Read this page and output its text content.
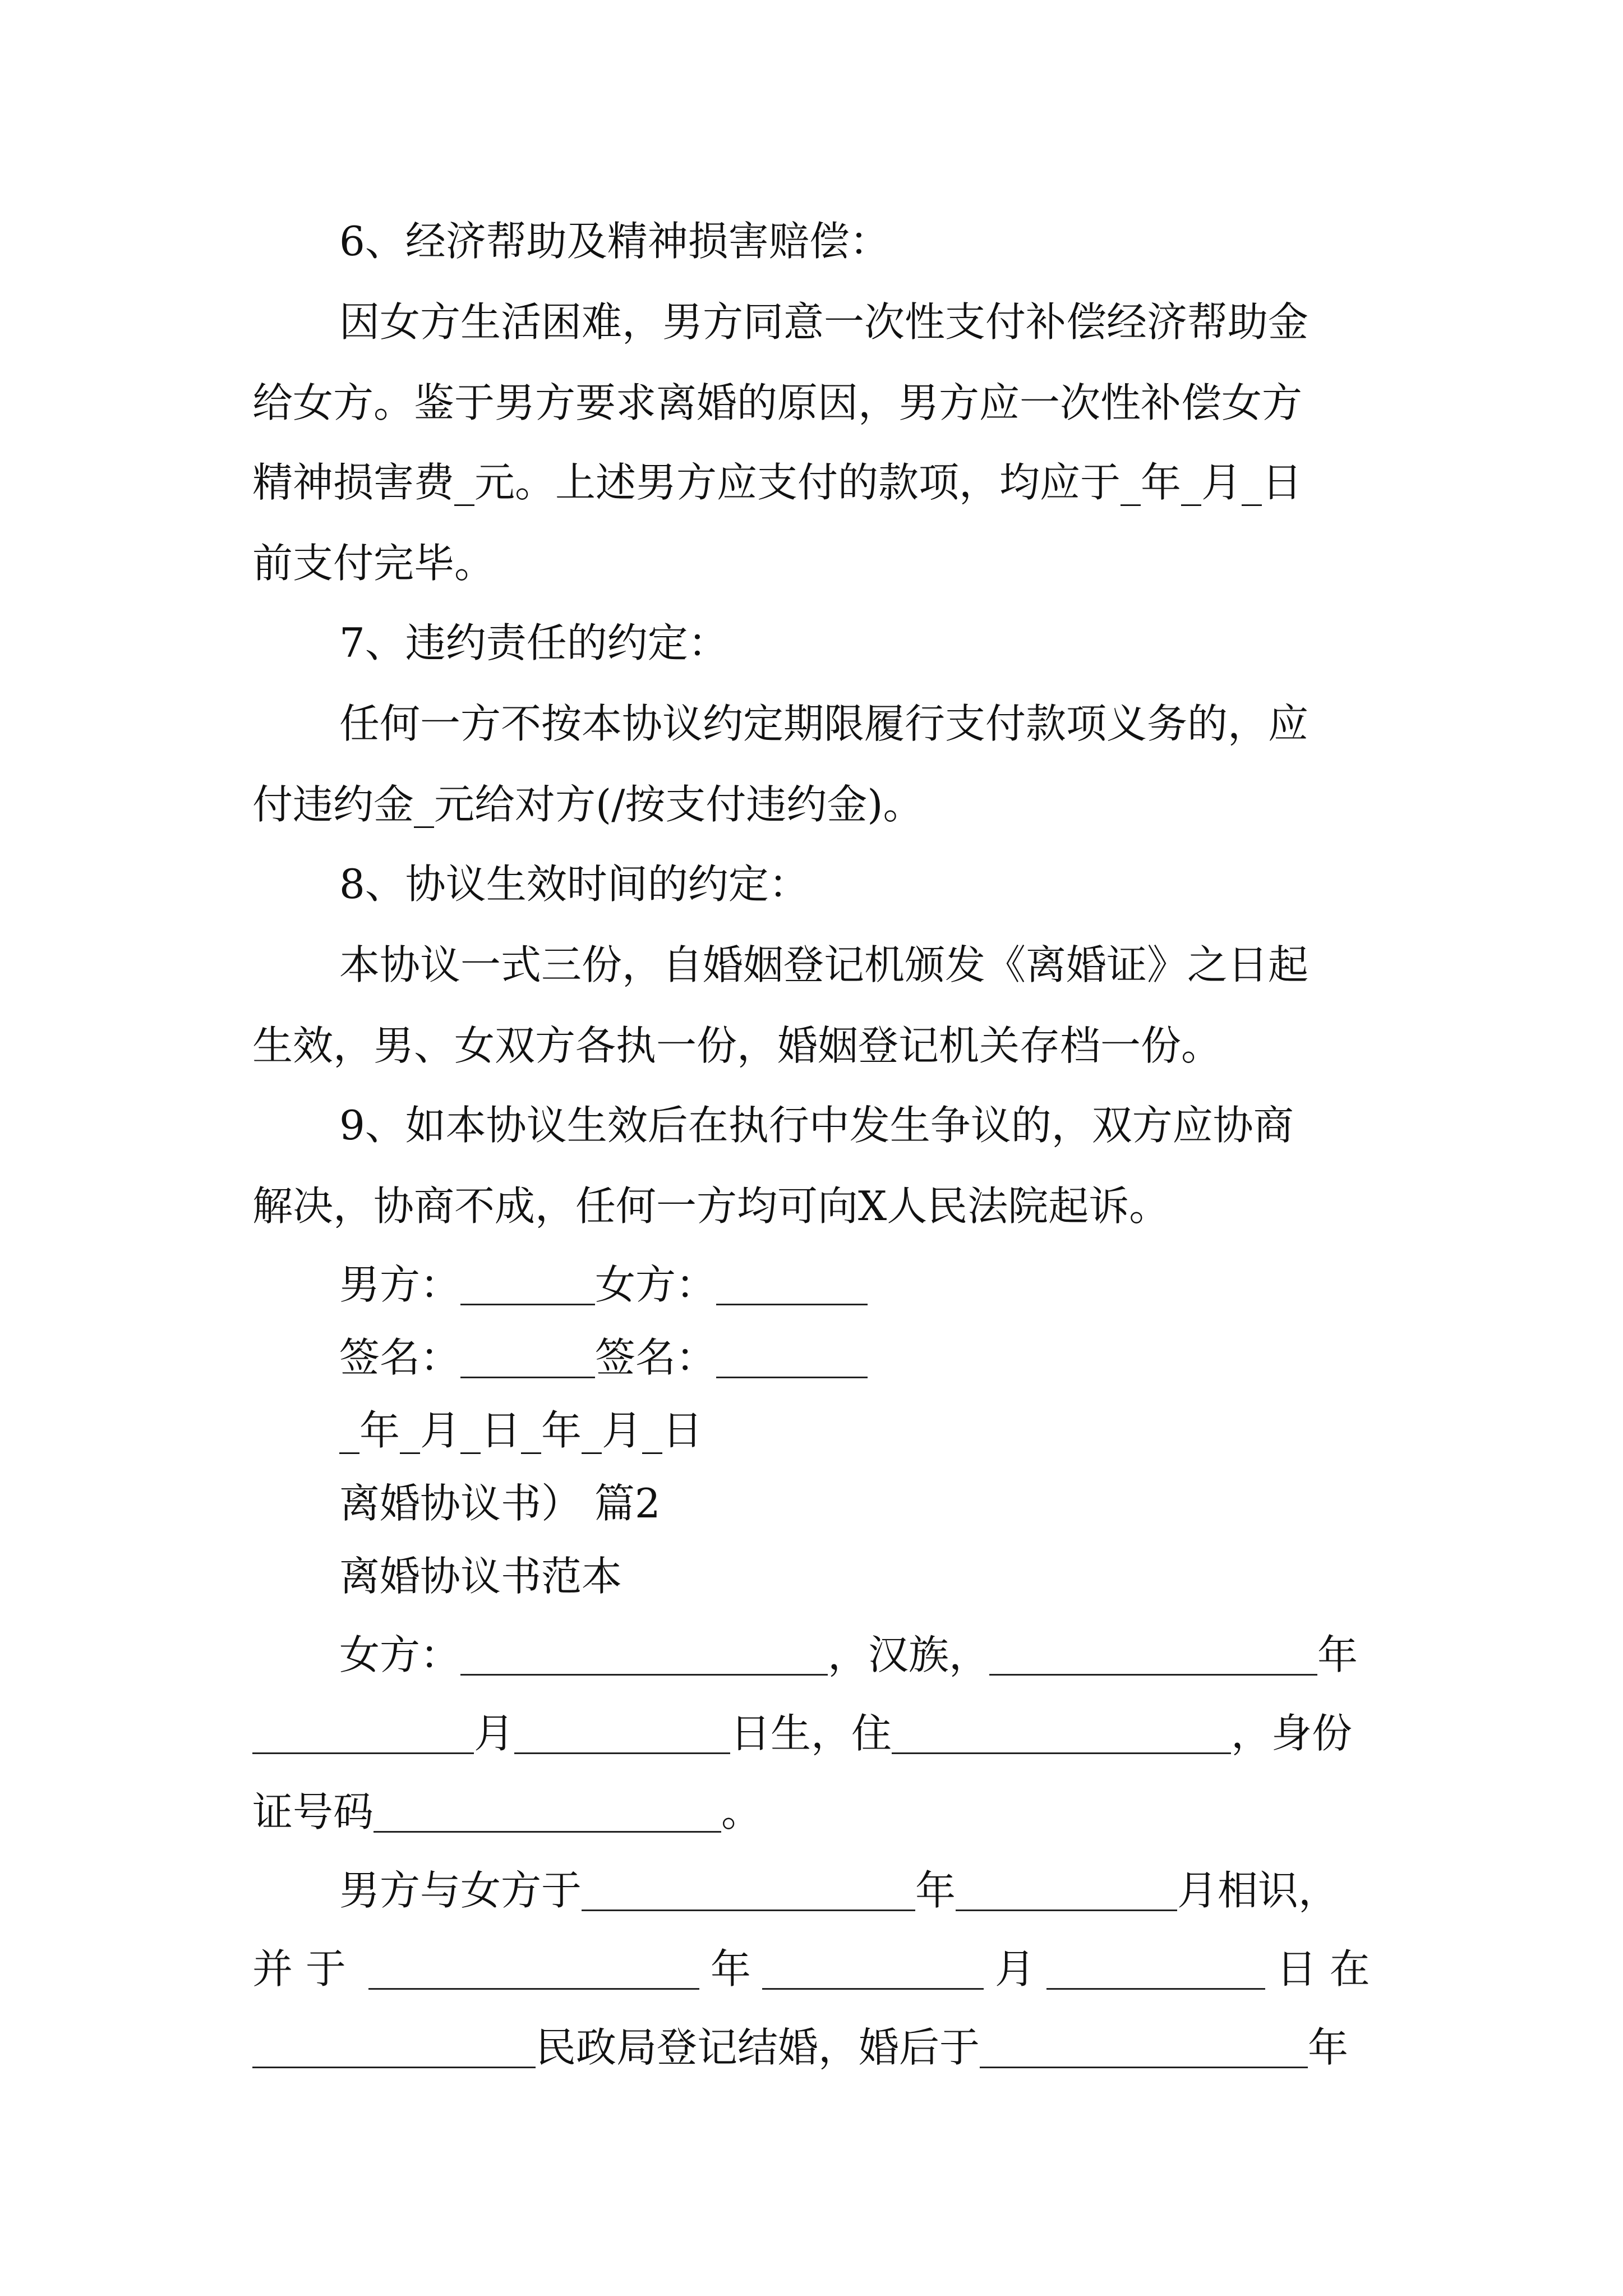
6、经济帮助及精神损害赔偿：
因女方生活困难，男方同意一次性支付补偿经济帮助金
给女方。鉴于男方要求离婚的原因，男方应一次性补偿女方
精神损害费_元。上述男方应支付的款项，均应于_年_月_日
前支付完毕。
7、违约责任的约定：
任何一方不按本协议约定期限履行支付款项义务的，应
付违约金_元给对方(/按支付违约金)。
8、协议生效时间的约定：
本协议一式三份，自婚姻登记机颁发《离婚证》之日起
生效，男、女双方各执一份，婚姻登记机关存档一份。
9、如本协议生效后在执行中发生争议的，双方应协商
解决，协商不成，任何一方均可向X人民法院起诉。
男方：	女方：
签名：	签名：
_年_月_日_年_月_日
离婚协议书） 篇2
离婚协议书范本
女方：	，汉族，	年
月	日生，住	，身份
证号码	。
男方与女方于	年	月相识，
并 于	年	月	日 在
民政局登记结婚，婚后于	年
